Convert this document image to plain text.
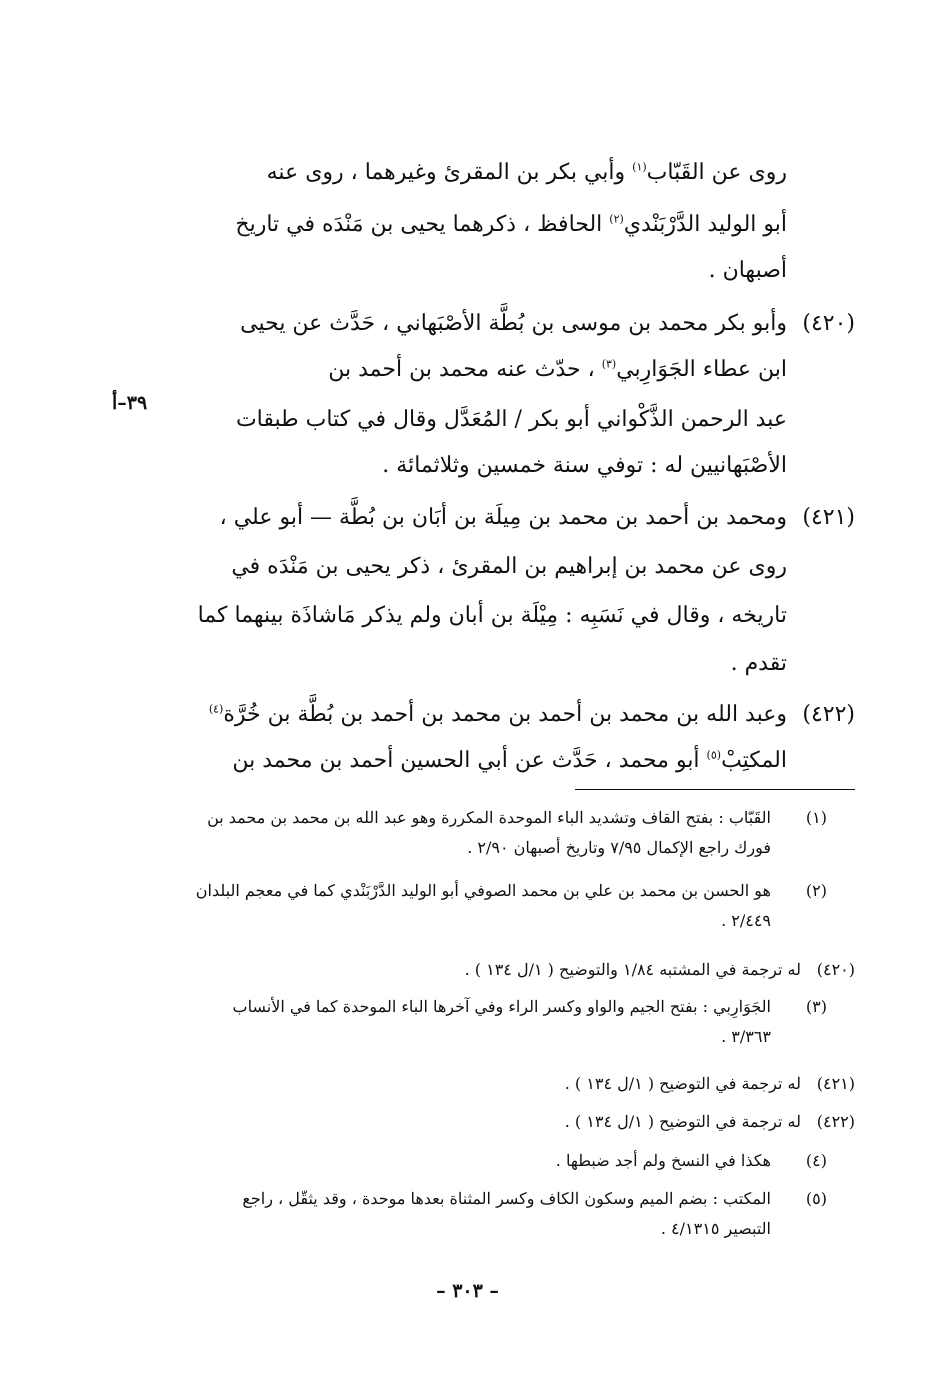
روى عن القَبّاب$^{(١)}$ وأبي بكر بن المقرئ وغيرهما ، روى عنه
أبو الوليد الدَّرْبَنْدي$^{(٢)}$ الحافظ ، ذكرهما يحيى بن مَنْدَه في تاريخ
أصبهان .
(٤٢٠)
وأبو بكر محمد بن موسى بن بُطَّة الأصْبَهاني ، حَدَّث عن يحيى
ابن عطاء الجَوَارِبي$^{(٣)}$ ، حدّث عنه محمد بن أحمد بن
عبد الرحمن الذَّكْواني أبو بكر / المُعَدَّل وقال في كتاب طبقات
الأصْبَهانيين له : توفي سنة خمسين وثلاثمائة .
٣٩–أ
(٤٢١)
ومحمد بن أحمد بن محمد بن مِيلَة بن أبَان بن بُطَّة — أبو علي ،
روى عن محمد بن إبراهيم بن المقرئ ، ذكر يحيى بن مَنْدَه في
تاريخه ، وقال في نَسَبِه : مِيْلَة بن أبان ولم يذكر مَاشاذَة بينهما كما
تقدم .
(٤٢٢)
وعبد الله بن محمد بن أحمد بن محمد بن أحمد بن بُطَّة بن خُرَّة$^{(٤)}$
المكتِبْ$^{(٥)}$ أبو محمد ، حَدَّث عن أبي الحسين أحمد بن محمد بن
(١)
القَبّاب : بفتح القاف وتشديد الباء الموحدة المكررة وهو عبد الله بن محمد بن محمد بن
فورك راجع الإكمال ٧/٩٥ وتاريخ أصبهان ٢/٩٠ .
(٢)
هو الحسن بن محمد بن علي بن محمد الصوفي أبو الوليد الدَّرْبَنْدي كما في معجم البلدان
٢/٤٤٩ .
(٤٢٠)
له ترجمة في المشتبه ١/٨٤ والتوضيح ( ١/ل ١٣٤ ) .
(٣)
الجَوَارِبي : بفتح الجيم والواو وكسر الراء وفي آخرها الباء الموحدة كما في الأنساب
٣/٣٦٣ .
(٤٢١)
له ترجمة في التوضيح ( ١/ل ١٣٤ ) .
(٤٢٢)
له ترجمة في التوضيح ( ١/ل ١٣٤ ) .
(٤)
هكذا في النسخ ولم أجد ضبطها .
(٥)
المكتب : بضم الميم وسكون الكاف وكسر المثناة بعدها موحدة ، وقد يثقّل ، راجع
التبصير ٤/١٣١٥ .
– ٣٠٣ –
